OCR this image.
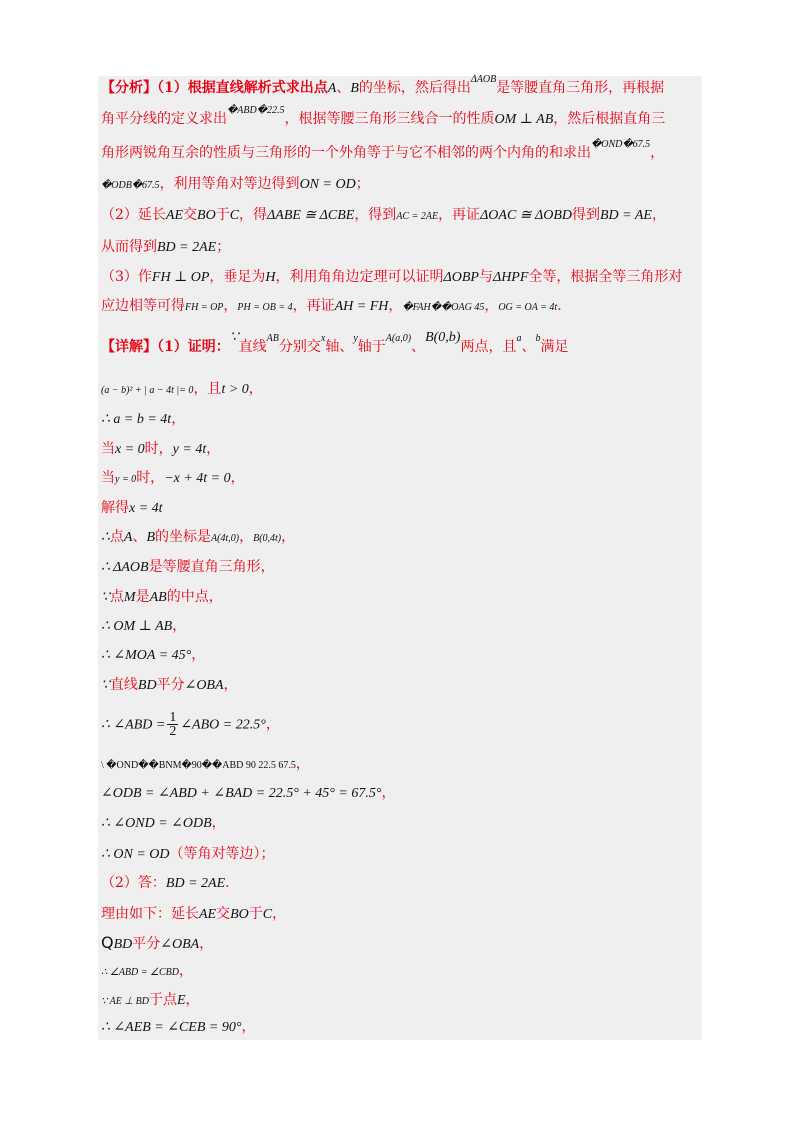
【分析】（1）根据直线解析式求出点A、B的坐标，然后得出$^{\Delta AOB}$是等腰直角三角形，再根据
角平分线的定义求出$^{�ABD�22.5}$，根据等腰三角形三线合一的性质OM ⊥ AB，然后根据直角三
角形两锐角互余的性质与三角形的一个外角等于与它不相邻的两个内角的和求出$^{�OND�67.5}$，
�ODB�67.5，利用等角对等边得到ON = OD；
（2）延长AE交BO于C，得ΔABE ≅ ΔCBE，得到AC = 2AE，再证ΔOAC ≅ ΔOBD得到BD = AE，
从而得到BD = 2AE；
（3）作FH ⊥ OP，垂足为H，利用角角边定理可以证明ΔOBP与ΔHPF全等，根据全等三角形对
应边相等可得FH = OP，PH = OB = 4，再证AH = FH，�FAH��OAG 45，OG = OA = 4t.
【详解】（1）证明：∵直线$^{AB}$分别交$^x$轴、$^y$轴于$^{A(a,0)}$、B(0,b)两点，且$^a$、$^b$满足
(a − b)² + | a − 4t |= 0，且t > 0，
∴ a = b = 4t，
当x = 0时，y = 4t，
当y = 0时，−x + 4t = 0，
解得x = 4t
∴点A、B的坐标是A(4t,0)，B(0,4t)，
∴ ΔAOB是等腰直角三角形，
∵点M是AB的中点，
∴ OM ⊥ AB，
∴ ∠MOA = 45°，
∵直线BD平分∠OBA，
∴ ∠ABD = $\frac{1}{2}$ ∠ABO = 22.5°，
\ �OND��BNM�90��ABD 90 22.5 67.5，
∠ODB = ∠ABD + ∠BAD = 22.5° + 45° = 67.5°，
∴ ∠OND = ∠ODB，
∴ ON = OD（等角对等边）；
（2）答：BD = 2AE.
理由如下：延长AE交BO于C，
QBD平分∠OBA，
∴ ∠ABD = ∠CBD，
∵ AE ⊥ BD于点E，
∴ ∠AEB = ∠CEB = 90°，
